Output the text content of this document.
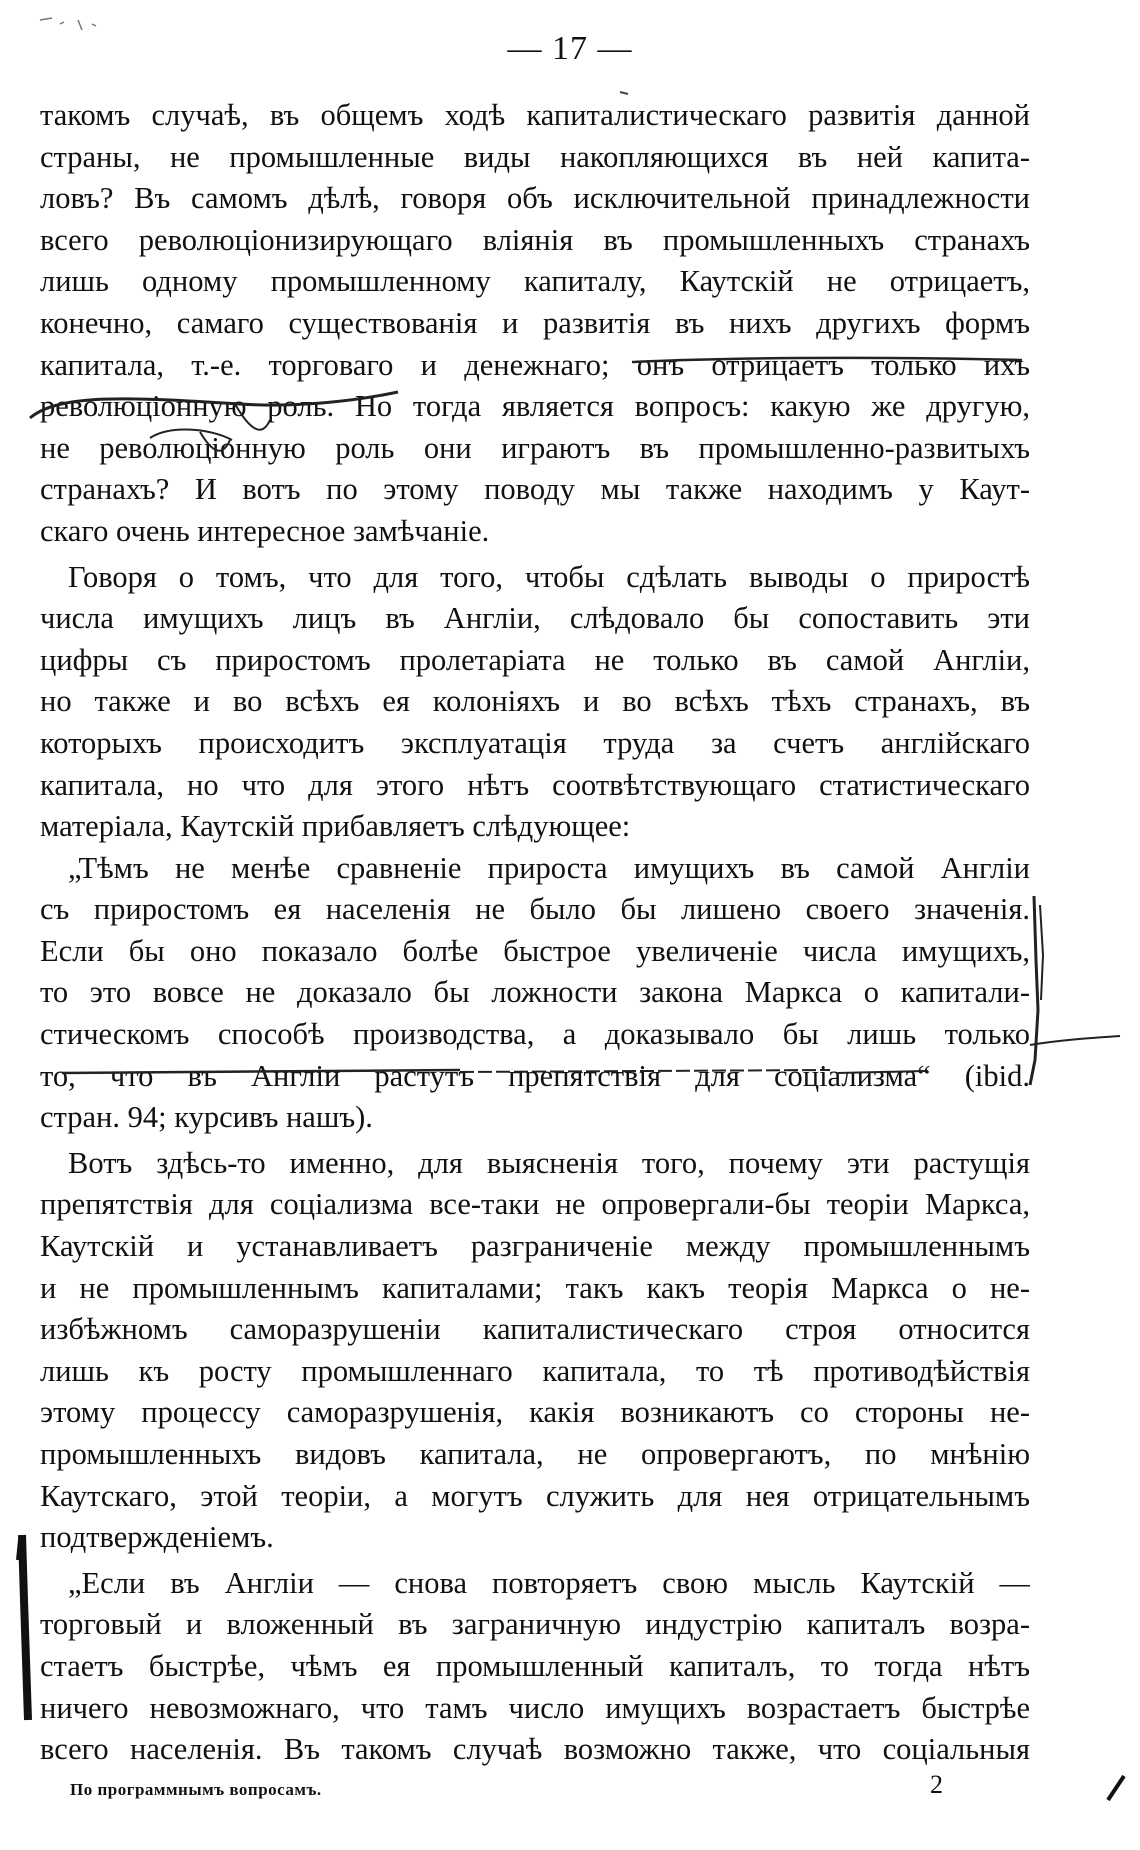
— 17 —
такомъ случаѣ, въ общемъ ходѣ капиталистическаго развитія данной
страны, не промышленные виды накопляющихся въ ней капита-
ловъ? Въ самомъ дѣлѣ, говоря объ исключительной принадлежности
всего революціонизирующаго вліянія въ промышленныхъ странахъ
лишь одному промышленному капиталу, Каутскій не отрицаетъ,
конечно, самаго существованія и развитія въ нихъ другихъ формъ
капитала, т.-е. торговаго и денежнаго; онъ отрицаетъ только ихъ
революціонную роль. Но тогда является вопросъ: какую же другую,
не революціонную роль они играютъ въ промышленно-развитыхъ
странахъ? И вотъ по этому поводу мы также находимъ у Каут-
скаго очень интересное замѣчаніе.
Говоря о томъ, что для того, чтобы сдѣлать выводы о приростѣ
числа имущихъ лицъ въ Англіи, слѣдовало бы сопоставить эти
цифры съ приростомъ пролетаріата не только въ самой Англіи,
но также и во всѣхъ ея колоніяхъ и во всѣхъ тѣхъ странахъ, въ
которыхъ происходитъ эксплуатація труда за счетъ англійскаго
капитала, но что для этого нѣтъ соотвѣтствующаго статистическаго
матеріала, Каутскій прибавляетъ слѣдующее:
„Тѣмъ не менѣе сравненіе прироста имущихъ въ самой Англіи
съ приростомъ ея населенія не было бы лишено своего значенія.
Если бы оно показало болѣе быстрое увеличеніе числа имущихъ,
то это вовсе не доказало бы ложности закона Маркса о капитали-
стическомъ способѣ производства, а доказывало бы лишь только
то, что въ Англіи растутъ препятствія для соціализма“ (ibid.
стран. 94; курсивъ нашъ).
Вотъ здѣсь-то именно, для выясненія того, почему эти растущія
препятствія для соціализма все-таки не опровергали-бы теоріи Маркса,
Каутскій и устанавливаетъ разграниченіе между промышленнымъ
и не промышленнымъ капиталами; такъ какъ теорія Маркса о не-
избѣжномъ саморазрушеніи капиталистическаго строя относится
лишь къ росту промышленнаго капитала, то тѣ противодѣйствія
этому процессу саморазрушенія, какія возникаютъ со стороны не-
промышленныхъ видовъ капитала, не опровергаютъ, по мнѣнію
Каутскаго, этой теоріи, а могутъ служить для нея отрицательнымъ
подтвержденіемъ.
„Если въ Англіи — снова повторяетъ свою мысль Каутскій —
торговый и вложенный въ заграничную индустрію капиталъ возра-
стаетъ быстрѣе, чѣмъ ея промышленный капиталъ, то тогда нѣтъ
ничего невозможнаго, что тамъ число имущихъ возрастаетъ быстрѣе
всего населенія. Въ такомъ случаѣ возможно также, что соціальныя
По программнымъ вопросамъ.	2
